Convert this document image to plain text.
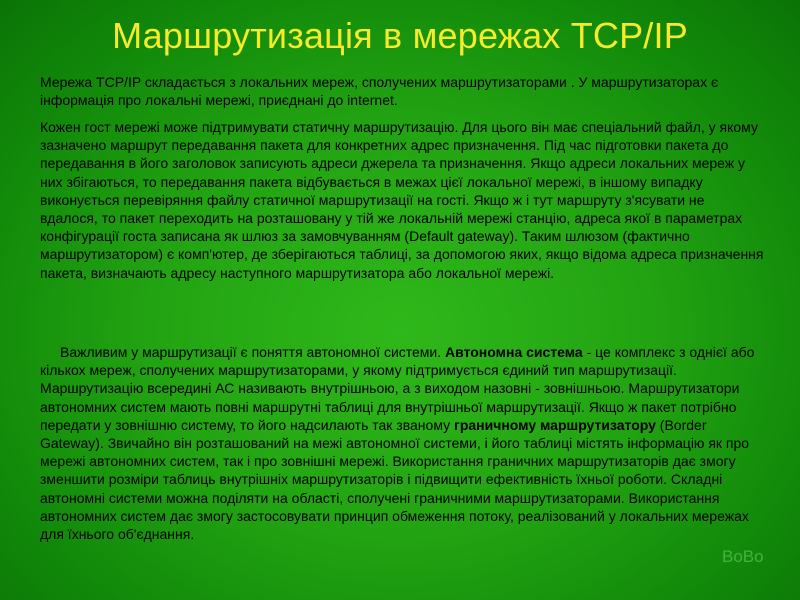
Маршрутизація в мережах TCP/IP
Мережа TCP/IP складається з локальних мереж, сполучених маршрутизаторами . У маршрутизаторах є інформація про локальні мережі, приєднані до internet.
Кожен гост мережі може підтримувати статичну маршрутизацію. Для цього він має спеціальний файл, у якому зазначено маршрут передавання пакета для конкретних адрес призначення. Під час підготовки пакета до передавання в його заголовок записують адреси джерела та призначення. Якщо адреси локальних мереж у них збігаються, то передавання пакета відбувається в межах цієї локальної мережі, в іншому випадку виконується перевіряння файлу статичної маршрутизації на гості. Якщо ж і тут маршруту з'ясувати не вдалося, то пакет переходить на розташовану у тій же локальній мережі станцію, адреса якої в параметрах конфігурації госта записана як шлюз за замовчуванням (Default gateway). Таким шлюзом (фактично маршрутизатором) є комп'ютер, де зберігаються таблиці, за допомогою яких, якщо відома адреса призначення пакета, визначають адресу наступного маршрутизатора або локальної мережі.
Важливим у маршрутизації є поняття автономної системи. Автономна система - це комплекс з однієї або кількох мереж, сполучених маршрутизаторами, у якому підтримується єдиний тип маршрутизації. Маршрутизацію всередині АС називають внутрішньою, а з виходом назовні - зовнішньою. Маршрутизатори автономних систем мають повні маршрутні таблиці для внутрішньої маршрутизації. Якщо ж пакет потрібно передати у зовнішню систему, то його надсилають так званому граничному маршрутизатору (Border Gateway). Звичайно він розташований на межі автономної системи, і його таблиці містять інформацію як про мережі автономних систем, так і про зовнішні мережі. Використання граничних маршрутизаторів дає змогу зменшити розміри таблиць внутрішніх маршрутизаторів і підвищити ефективність їхньої роботи. Складні автономні системи можна поділяти на області, сполучені граничними маршрутизаторами. Використання автономних систем дає змогу застосовувати принцип обмеження потоку, реалізований у локальних мережах для їхнього об'єднання.
BoBo
